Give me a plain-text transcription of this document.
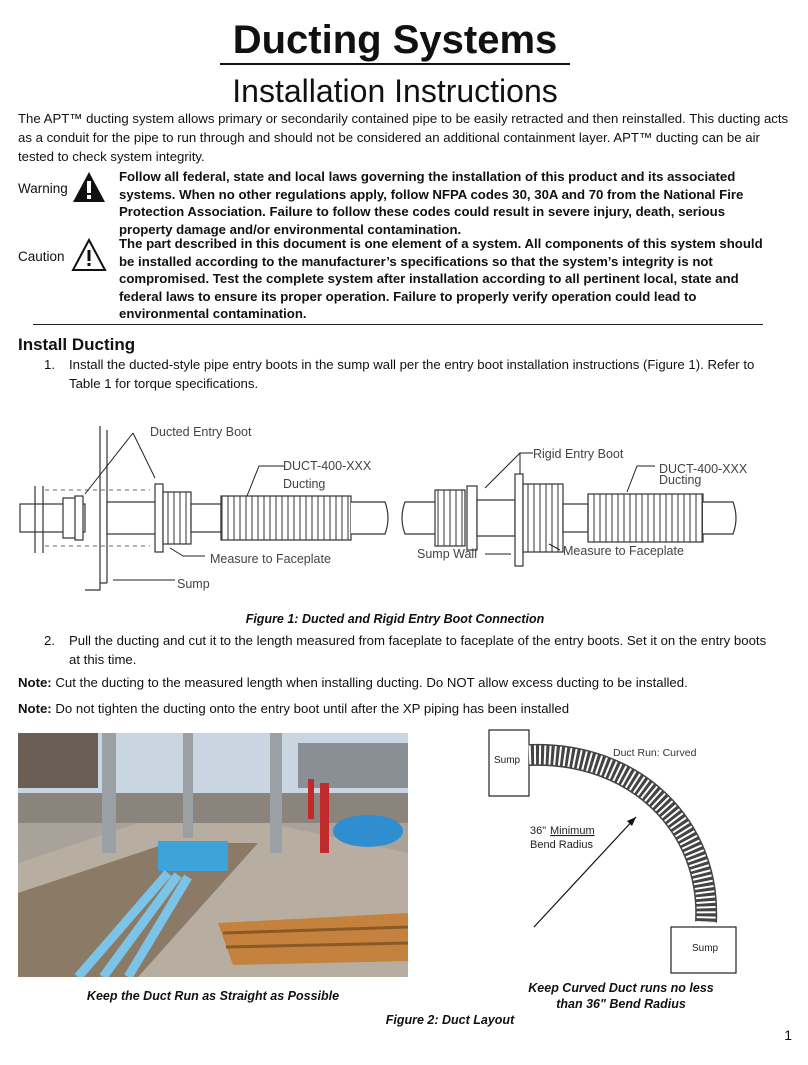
Ducting Systems
Installation Instructions
The APT™ ducting system allows primary or secondarily contained pipe to be easily retracted and then reinstalled. This ducting acts as a conduit for the pipe to run through and should not be considered an additional containment layer. APT™ ducting can be air tested to check system integrity.
Warning
Follow all federal, state and local laws governing the installation of this product and its associated systems. When no other regulations apply, follow NFPA codes 30, 30A and 70 from the National Fire Protection Association. Failure to follow these codes could result in severe injury, death, serious property damage and/or environmental contamination.
Caution
The part described in this document is one element of a system. All components of this system should be installed according to the manufacturer’s specifications so that the system’s integrity is not compromised. Test the complete system after installation according to all pertinent local, state and federal laws to ensure its proper operation. Failure to properly verify operation could lead to environmental contamination.
Install Ducting
1. Install the ducted-style pipe entry boots in the sump wall per the entry boot installation instructions (Figure 1). Refer to Table 1 for torque specifications.
Ducted Entry Boot
DUCT-400-XXX
Ducting
Measure to Faceplate
Sump
Rigid Entry Boot
DUCT-400-XXX
Ducting
Measure to Faceplate
Sump Wall
Figure 1: Ducted and Rigid Entry Boot Connection
2. Pull the ducting and cut it to the length measured from faceplate to faceplate of the entry boots. Set it on the entry boots at this time.
Note: Cut the ducting to the measured length when installing ducting. Do NOT allow excess ducting to be installed.
Note: Do not tighten the ducting onto the entry boot until after the XP piping has been installed
Keep the Duct Run as Straight as Possible
Sump
Sump
Duct Run: Curved
36" Minimum
Bend Radius
Keep Curved Duct runs no less
than 36" Bend Radius
Figure 2: Duct Layout
1
